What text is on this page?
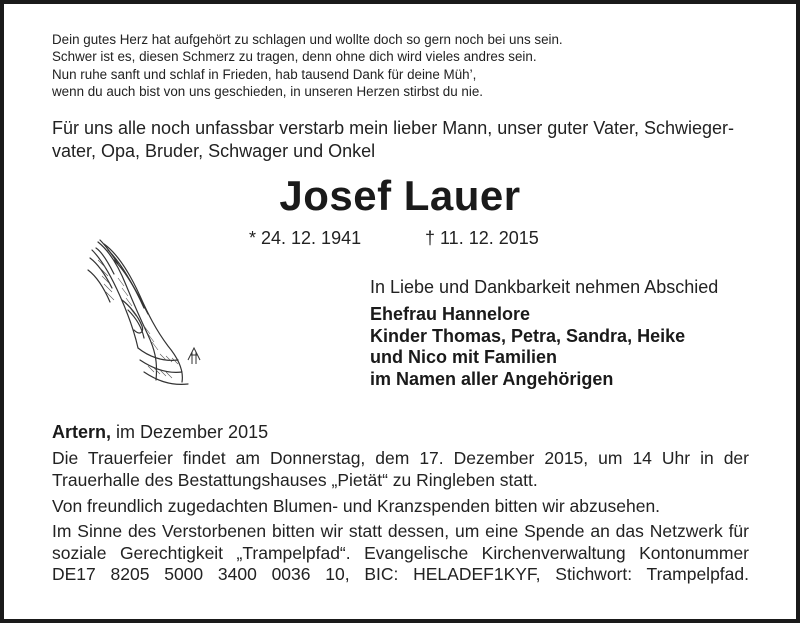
Dein gutes Herz hat aufgehört zu schlagen und wollte doch so gern noch bei uns sein.
Schwer ist es, diesen Schmerz zu tragen, denn ohne dich wird vieles andres sein.
Nun ruhe sanft und schlaf in Frieden, hab tausend Dank für deine Müh’,
wenn du auch bist von uns geschieden, in unseren Herzen stirbst du nie.
Für uns alle noch unfassbar verstarb mein lieber Mann, unser guter Vater, Schwieger-vater, Opa, Bruder, Schwager und Onkel
Josef Lauer
* 24. 12. 1941	† 11. 12. 2015
In Liebe und Dankbarkeit nehmen Abschied
Ehefrau Hannelore
Kinder Thomas, Petra, Sandra, Heike
und Nico mit Familien
im Namen aller Angehörigen
Artern, im Dezember 2015
Die Trauerfeier findet am Donnerstag, dem 17. Dezember 2015, um 14 Uhr in der Trauerhalle des Bestattungshauses „Pietät“ zu Ringleben statt.
Von freundlich zugedachten Blumen- und Kranzspenden bitten wir abzusehen.
Im Sinne des Verstorbenen bitten wir statt dessen, um eine Spende an das Netzwerk für soziale Gerechtigkeit „Trampelpfad“. Evangelische Kirchenverwaltung Kontonummer DE17 8205 5000 3400 0036 10, BIC: HELADEF1KYF, Stichwort: Trampelpfad.
